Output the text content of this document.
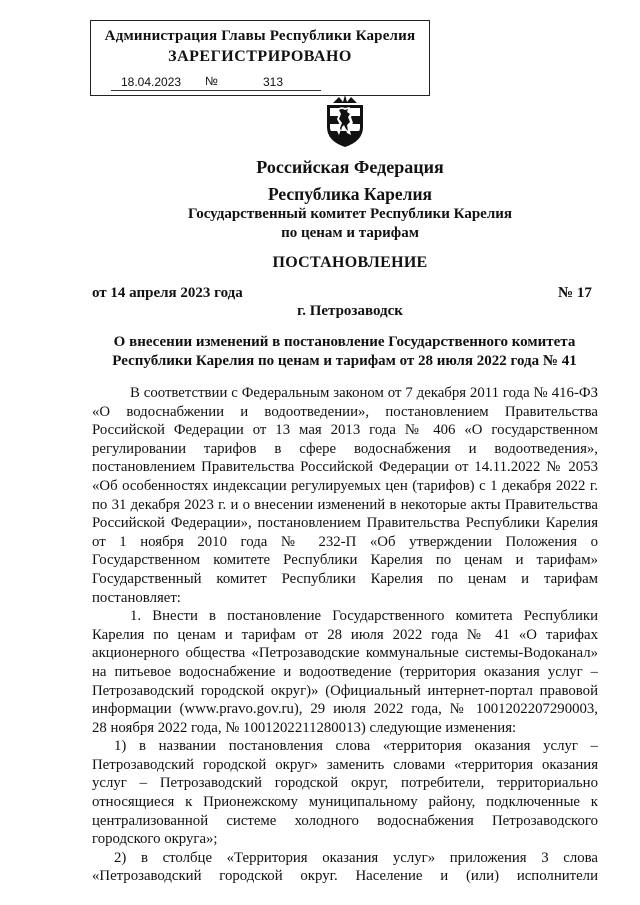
Администрация Главы Республики Карелия
ЗАРЕГИСТРИРОВАНО
18.04.2023 №	313
Российская Федерация
Республика Карелия
Государственный комитет Республики Карелия
по ценам и тарифам
ПОСТАНОВЛЕНИЕ
от 14 апреля 2023 года	№ 17
г. Петрозаводск
О внесении изменений в постановление Государственного комитета
Республики Карелия по ценам и тарифам от 28 июля 2022 года № 41
В соответствии с Федеральным законом от 7 декабря 2011 года № 416-ФЗ
«О водоснабжении и водоотведении», постановлением Правительства
Российской Федерации от 13 мая 2013 года № 406 «О государственном
регулировании тарифов в сфере водоснабжения и водоотведения»,
постановлением Правительства Российской Федерации от 14.11.2022 № 2053
«Об особенностях индексации регулируемых цен (тарифов) с 1 декабря 2022 г.
по 31 декабря 2023 г. и о внесении изменений в некоторые акты Правительства
Российской Федерации», постановлением Правительства Республики Карелия
от 1 ноября 2010 года № 232-П «Об утверждении Положения о
Государственном комитете Республики Карелия по ценам и тарифам»
Государственный комитет Республики Карелия по ценам и тарифам
постановляет:
1. Внести в постановление Государственного комитета Республики
Карелия по ценам и тарифам от 28 июля 2022 года № 41 «О тарифах
акционерного общества «Петрозаводские коммунальные системы-Водоканал»
на питьевое водоснабжение и водоотведение (территория оказания услуг –
Петрозаводский городской округ)» (Официальный интернет-портал правовой
информации (www.pravo.gov.ru), 29 июля 2022 года, № 1001202207290003,
28 ноября 2022 года, № 1001202211280013) следующие изменения:
1) в названии постановления слова «территория оказания услуг –
Петрозаводский городской округ» заменить словами «территория оказания
услуг – Петрозаводский городской округ, потребители, территориально
относящиеся к Прионежскому муниципальному району, подключенные к
централизованной системе холодного водоснабжения Петрозаводского
городского округа»;
2) в столбце «Территория оказания услуг» приложения 3 слова
«Петрозаводский городской округ. Население и (или) исполнители
